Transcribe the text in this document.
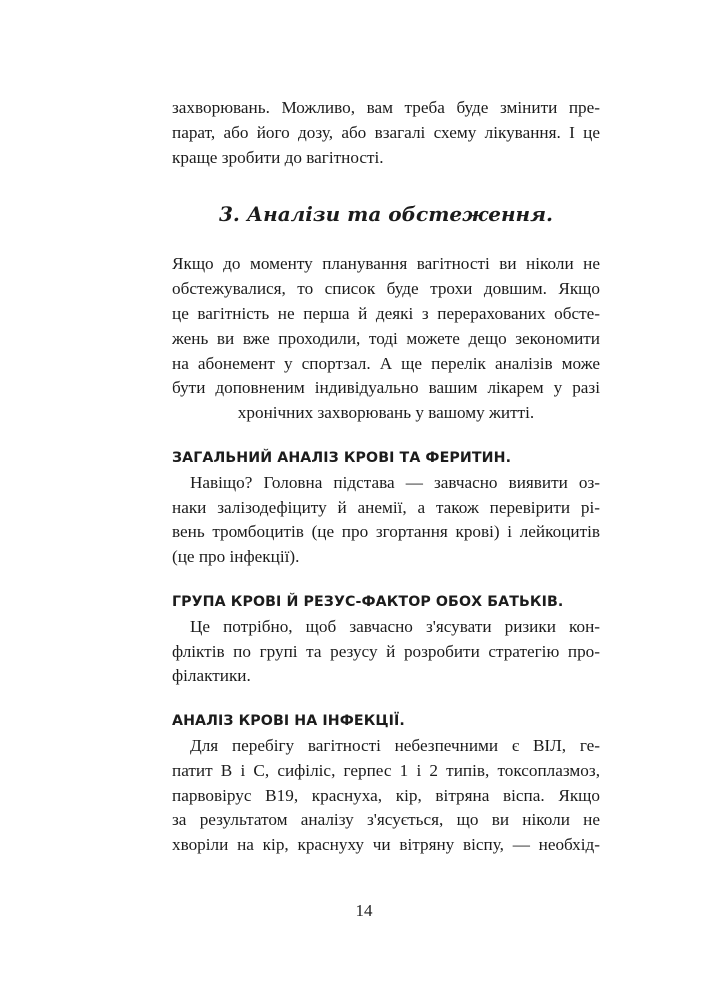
захворювань. Можливо, вам треба буде змінити пре-
парат, або його дозу, або взагалі схему лікування. І це
краще зробити до вагітності.
3. Аналізи та обстеження.
Якщо до моменту планування вагітності ви ніколи не
обстежувалися, то список буде трохи довшим. Якщо
це вагітність не перша й деякі з перерахованих обсте-
жень ви вже проходили, тоді можете дещо зекономити
на абонемент у спортзал. А ще перелік аналізів може
бути доповненим індивідуально вашим лікарем у разі
хронічних захворювань у вашому житті.
ЗАГАЛЬНИЙ АНАЛІЗ КРОВІ ТА ФЕРИТИН.
Навіщо? Головна підстава — завчасно виявити оз-
наки залізодефіциту й анемії, а також перевірити рі-
вень тромбоцитів (це про згортання крові) і лейкоцитів
(це про інфекції).
ГРУПА КРОВІ Й РЕЗУС-ФАКТОР ОБОХ БАТЬКІВ.
Це потрібно, щоб завчасно з'ясувати ризики кон-
фліктів по групі та резусу й розробити стратегію про-
філактики.
АНАЛІЗ КРОВІ НА ІНФЕКЦІЇ.
Для перебігу вагітності небезпечними є ВІЛ, ге-
патит B і C, сифіліс, герпес 1 і 2 типів, токсоплазмоз,
парвовірус B19, краснуха, кір, вітряна віспа. Якщо
за результатом аналізу з'ясується, що ви ніколи не
хворіли на кір, краснуху чи вітряну віспу, — необхід-
14
